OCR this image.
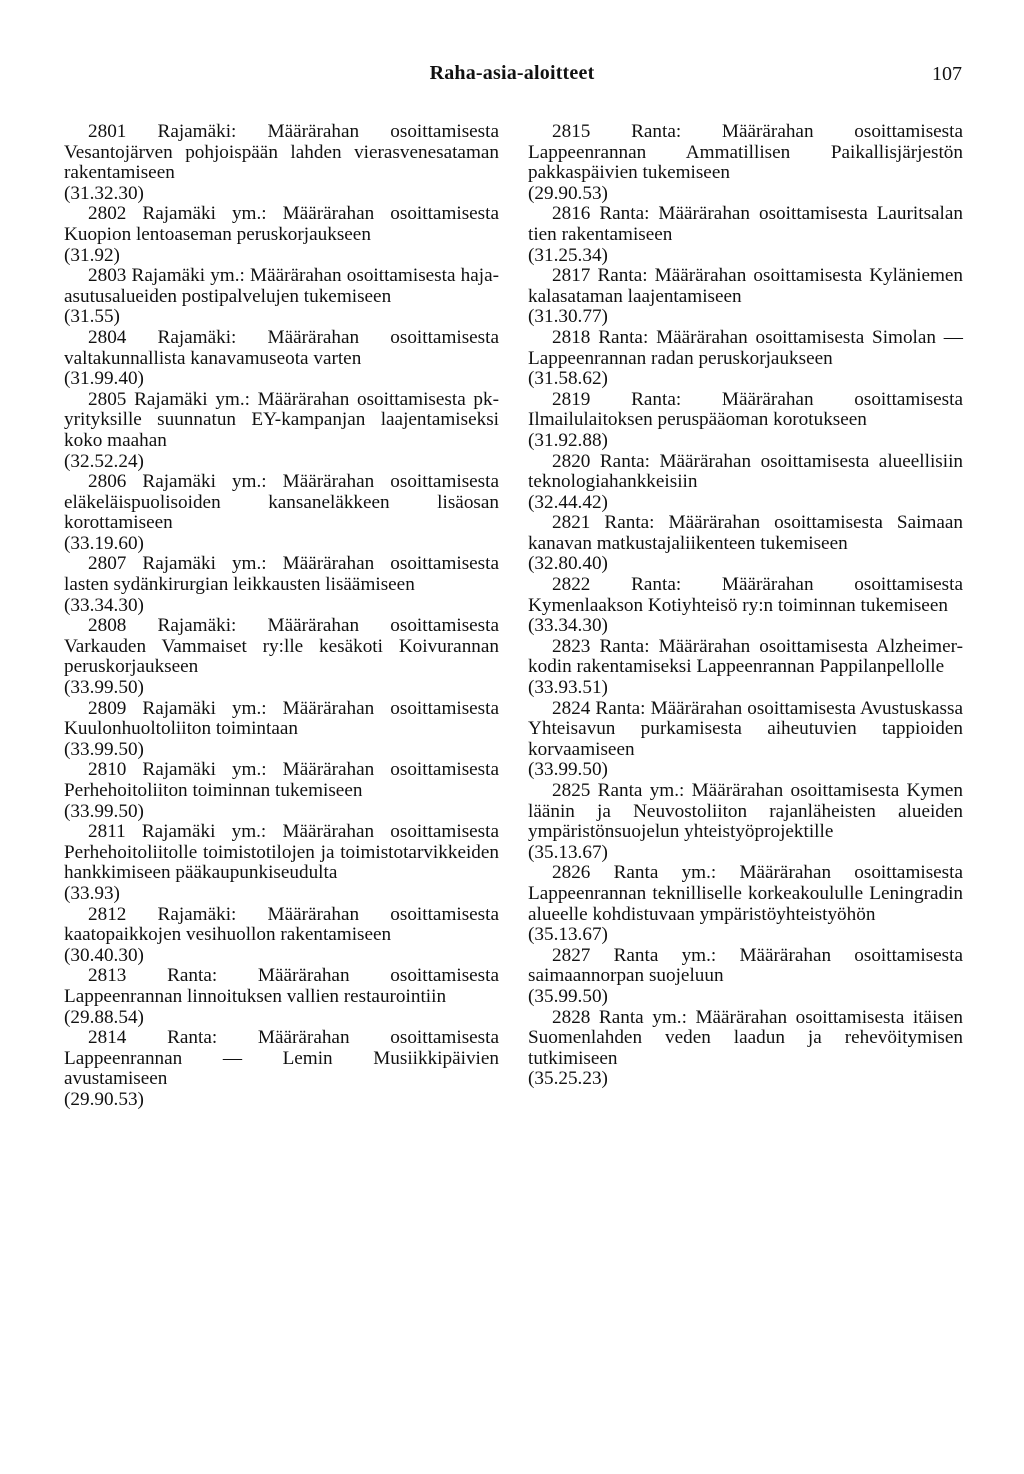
Raha-asia-aloitteet	107
2801 Rajamäki: Määrärahan osoittamisesta Vesantojärven pohjoispään lahden vierasvenesataman rakentamiseen
(31.32.30)
2802 Rajamäki ym.: Määrärahan osoittamisesta Kuopion lentoaseman peruskorjaukseen
(31.92)
2803 Rajamäki ym.: Määrärahan osoittamisesta haja-asutusalueiden postipalvelujen tukemiseen
(31.55)
2804 Rajamäki: Määrärahan osoittamisesta valtakunnallista kanavamuseota varten
(31.99.40)
2805 Rajamäki ym.: Määrärahan osoittamisesta pk-yrityksille suunnatun EY-kampanjan laajentamiseksi koko maahan
(32.52.24)
2806 Rajamäki ym.: Määrärahan osoittamisesta eläkeläispuolisoiden kansaneläkkeen lisäosan korottamiseen
(33.19.60)
2807 Rajamäki ym.: Määrärahan osoittamisesta lasten sydänkirurgian leikkausten lisäämiseen
(33.34.30)
2808 Rajamäki: Määrärahan osoittamisesta Varkauden Vammaiset ry:lle kesäkoti Koivurannan peruskorjaukseen
(33.99.50)
2809 Rajamäki ym.: Määrärahan osoittamisesta Kuulonhuoltoliiton toimintaan
(33.99.50)
2810 Rajamäki ym.: Määrärahan osoittamisesta Perhehoitoliiton toiminnan tukemiseen
(33.99.50)
2811 Rajamäki ym.: Määrärahan osoittamisesta Perhehoitoliitolle toimistotilojen ja toimistotarvikkeiden hankkimiseen pääkaupunkiseudulta
(33.93)
2812 Rajamäki: Määrärahan osoittamisesta kaatopaikkojen vesihuollon rakentamiseen
(30.40.30)
2813 Ranta: Määrärahan osoittamisesta Lappeenrannan linnoituksen vallien restaurointiin
(29.88.54)
2814 Ranta: Määrärahan osoittamisesta Lappeenrannan — Lemin Musiikkipäivien avustamiseen
(29.90.53)
2815 Ranta: Määrärahan osoittamisesta Lappeenrannan Ammatillisen Paikallisjärjestön pakkaspäivien tukemiseen
(29.90.53)
2816 Ranta: Määrärahan osoittamisesta Lauritsalan tien rakentamiseen
(31.25.34)
2817 Ranta: Määrärahan osoittamisesta Kyläniemen kalasataman laajentamiseen
(31.30.77)
2818 Ranta: Määrärahan osoittamisesta Simolan — Lappeenrannan radan peruskorjaukseen
(31.58.62)
2819 Ranta: Määrärahan osoittamisesta Ilmailulaitoksen peruspääoman korotukseen
(31.92.88)
2820 Ranta: Määrärahan osoittamisesta alueellisiin teknologiahankkeisiin
(32.44.42)
2821 Ranta: Määrärahan osoittamisesta Saimaan kanavan matkustajaliikenteen tukemiseen
(32.80.40)
2822 Ranta: Määrärahan osoittamisesta Kymenlaakson Kotiyhteisö ry:n toiminnan tukemiseen
(33.34.30)
2823 Ranta: Määrärahan osoittamisesta Alzheimer-kodin rakentamiseksi Lappeenrannan Pappilanpellolle
(33.93.51)
2824 Ranta: Määrärahan osoittamisesta Avustuskassa Yhteisavun purkamisesta aiheutuvien tappioiden korvaamiseen
(33.99.50)
2825 Ranta ym.: Määrärahan osoittamisesta Kymen läänin ja Neuvostoliiton rajanläheisten alueiden ympäristönsuojelun yhteistyöprojektille
(35.13.67)
2826 Ranta ym.: Määrärahan osoittamisesta Lappeenrannan teknilliselle korkeakoululle Leningradin alueelle kohdistuvaan ympäristöyhteistyöhön
(35.13.67)
2827 Ranta ym.: Määrärahan osoittamisesta saimaannorpan suojeluun
(35.99.50)
2828 Ranta ym.: Määrärahan osoittamisesta itäisen Suomenlahden veden laadun ja rehevöitymisen tutkimiseen
(35.25.23)
